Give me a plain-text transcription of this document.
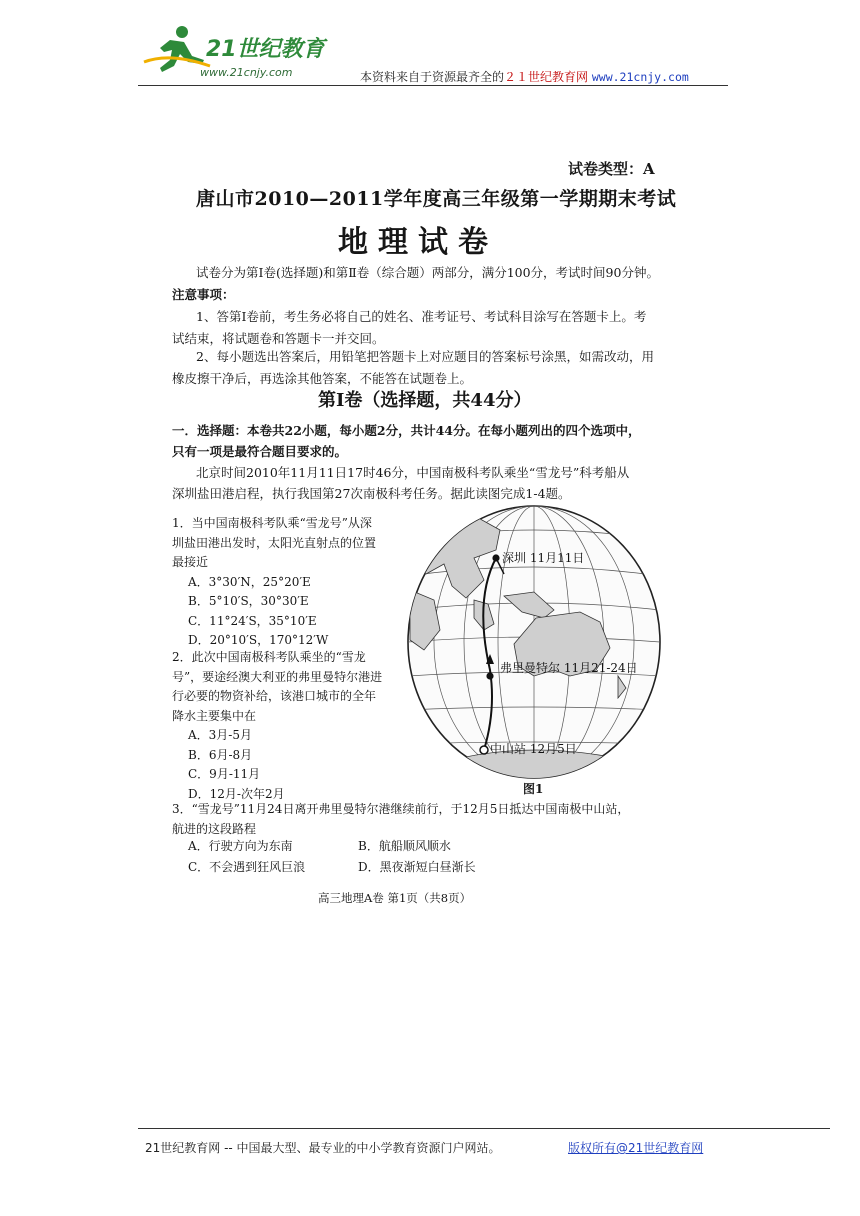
21世纪教育
www.21cnjy.com	本资料来自于资源最齐全的２１世纪教育网 www.21cnjy.com
试卷类型：A
唐山市2010—2011学年度高三年级第一学期期末考试
地理试卷
试卷分为第Ⅰ卷(选择题)和第Ⅱ卷（综合题）两部分，满分100分，考试时间90分钟。
注意事项：
1、答第Ⅰ卷前，考生务必将自己的姓名、准考证号、考试科目涂写在答题卡上。考
试结束，将试题卷和答题卡一并交回。
2、每小题选出答案后，用铅笔把答题卡上对应题目的答案标号涂黑，如需改动，用
橡皮擦干净后，再选涂其他答案，不能答在试题卷上。
第Ⅰ卷（选择题，共44分）
一．选择题：本卷共22小题，每小题2分，共计44分。在每小题列出的四个选项中，
只有一项是最符合题目要求的。
北京时间2010年11月11日17时46分，中国南极科考队乘坐“雪龙号”科考船从
深圳盐田港启程，执行我国第27次南极科考任务。据此读图完成1-4题。
1．当中国南极科考队乘“雪龙号”从深
圳盐田港出发时，太阳光直射点的位置
最接近
A．3°30′N，25°20′E
B．5°10′S，30°30′E
C．11°24′S，35°10′E
D．20°10′S，170°12′W
2．此次中国南极科考队乘坐的“雪龙
号”，要途经澳大利亚的弗里曼特尔港进
行必要的物资补给，该港口城市的全年
降水主要集中在
A．3月-5月
B．6月-8月
C．9月-11月
D．12月-次年2月
3．“雪龙号”11月24日离开弗里曼特尔港继续前行，于12月5日抵达中国南极中山站，
航进的这段路程
A．行驶方向为东南	B．航船顺风顺水
C．不会遇到狂风巨浪	D．黑夜渐短白昼渐长
深圳 11月11日
弗里曼特尔 11月21-24日
中山站 12月5日
图1
高三地理A卷 第1页（共8页）
21世纪教育网 -- 中国最大型、最专业的中小学教育资源门户网站。	版权所有@21世纪教育网
